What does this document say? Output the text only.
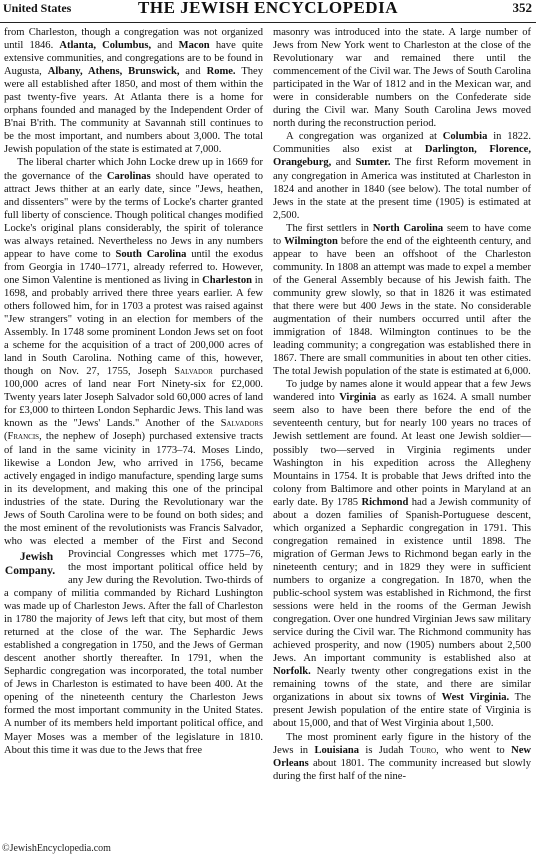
United States	THE JEWISH ENCYCLOPEDIA	352

from Charleston, though a congregation was not organized until 1846. Atlanta, Columbus, and Macon have quite extensive communities, and congregations are to be found in Augusta, Albany, Athens, Brunswick, and Rome. They were all established after 1850, and most of them within the past twenty-five years. At Atlanta there is a home for orphans founded and managed by the Independent Order of B'nai B'rith. The community at Savannah still continues to be the most important, and numbers about 3,000. The total Jewish population of the state is estimated at 7,000.

The liberal charter which John Locke drew up in 1669 for the governance of the Carolinas should have operated to attract Jews thither at an early date, since "Jews, heathen, and dissenters" were by the terms of Locke's charter granted full liberty of conscience. Though political changes modified Locke's original plans considerably, the spirit of tolerance was always retained. Nevertheless no Jews in any numbers appear to have come to South Carolina until the exodus from Georgia in 1740–1771, already referred to. However, one Simon Valentine is mentioned as living in Charleston in 1698, and probably arrived there three years earlier. A few others followed him, for in 1703 a protest was raised against "Jew strangers" voting in an election for members of the Assembly. In 1748 some prominent London Jews set on foot a scheme for the acquisition of a tract of 200,000 acres of land in South Carolina. Nothing came of this, however, though on Nov. 27, 1755, Joseph Salvador purchased 100,000 acres of land near Fort Ninety-six for £2,000. Twenty years later Joseph Salvador sold 60,000 acres of land for £3,000 to thirteen London Sephardic Jews. This land was known as the "Jews' Lands." Another of the Salvadors (Francis, the nephew of Joseph) purchased extensive tracts of land in the same vicinity in 1773–74. Moses Lindo, likewise a London Jew, who arrived in 1756, became actively engaged in indigo manufacture, spending large sums in its development, and making this one of the principal industries of the state. During the Revolutionary war the Jews of South Carolina were to be found on both sides; and the most eminent of the revolutionists was Francis Salvador, who was elected a member of the First and Second Provin
Jewish Company.
cial Congresses which met 1775–76, the most important political office held by any Jew during the Revolution. Two-thirds of a company of militia commanded by Richard Lushington was made up of Charleston Jews. After the fall of Charleston in 1780 the majority of Jews left that city, but most of them returned at the close of the war. The Sephardic Jews established a congregation in 1750, and the Jews of German descent another shortly thereafter. In 1791, when the Sephardic congregation was incorporated, the total number of Jews in Charleston is estimated to have been 400. At the opening of the nineteenth century the Charleston Jews formed the most important community in the United States. A number of its members held important political office, and Mayer Moses was a member of the legislature in 1810. About this time it was due to the Jews that free

masonry was introduced into the state. A large number of Jews from New York went to Charleston at the close of the Revolutionary war and remained there until the commencement of the Civil war. The Jews of South Carolina participated in the War of 1812 and in the Mexican war, and were in considerable numbers on the Confederate side during the Civil war. Many South Carolina Jews moved north during the reconstruction period.

A congregation was organized at Columbia in 1822. Communities also exist at Darlington, Florence, Orangeburg, and Sumter. The first Reform movement in any congregation in America was instituted at Charleston in 1824 and another in 1840 (see below). The total number of Jews in the state at the present time (1905) is estimated at 2,500.

The first settlers in North Carolina seem to have come to Wilmington before the end of the eighteenth century, and appear to have been an offshoot of the Charleston community. In 1808 an attempt was made to expel a member of the General Assembly because of his Jewish faith. The community grew slowly, so that in 1826 it was estimated that there were but 400 Jews in the state. No considerable augmentation of their numbers occurred until after the immigration of 1848. Wilmington continues to be the leading community; a congregation was established there in 1867. There are small communities in about ten other cities. The total Jewish population of the state is estimated at 6,000.

To judge by names alone it would appear that a few Jews wandered into Virginia as early as 1624. A small number seem also to have been there before the end of the seventeenth century, but for nearly 100 years no traces of Jewish settlement are found. At least one Jewish soldier—possibly two—served in Virginia regiments under Washington in his expedition across the Allegheny Mountains in 1754. It is probable that Jews drifted into the colony from Baltimore and other points in Maryland at an early date. By 1785 Richmond had a Jewish community of about a dozen families of Spanish-Portuguese descent, which organized a Sephardic congregation in 1791. This congregation remained in existence until 1898. The migration of German Jews to Richmond began early in the nineteenth century; and in 1829 they were in sufficient numbers to organize a congregation. In 1870, when the public-school system was established in Richmond, the first sessions were held in the rooms of the German Jewish congregation. Over one hundred Virginian Jews saw military service during the Civil war. The Richmond community has achieved prosperity, and now (1905) numbers about 2,500 Jews. An important community is established also at Norfolk. Nearly twenty other congregations exist in the remaining towns of the state, and there are similar organizations in about six towns of West Virginia. The present Jewish population of the entire state of Virginia is about 15,000, and that of West Virginia about 1,500.

The most prominent early figure in the history of the Jews in Louisiana is Judah Touro, who went to New Orleans about 1801. The community increased but slowly during the first half of the nine-

©JewishEncyclopedia.com
